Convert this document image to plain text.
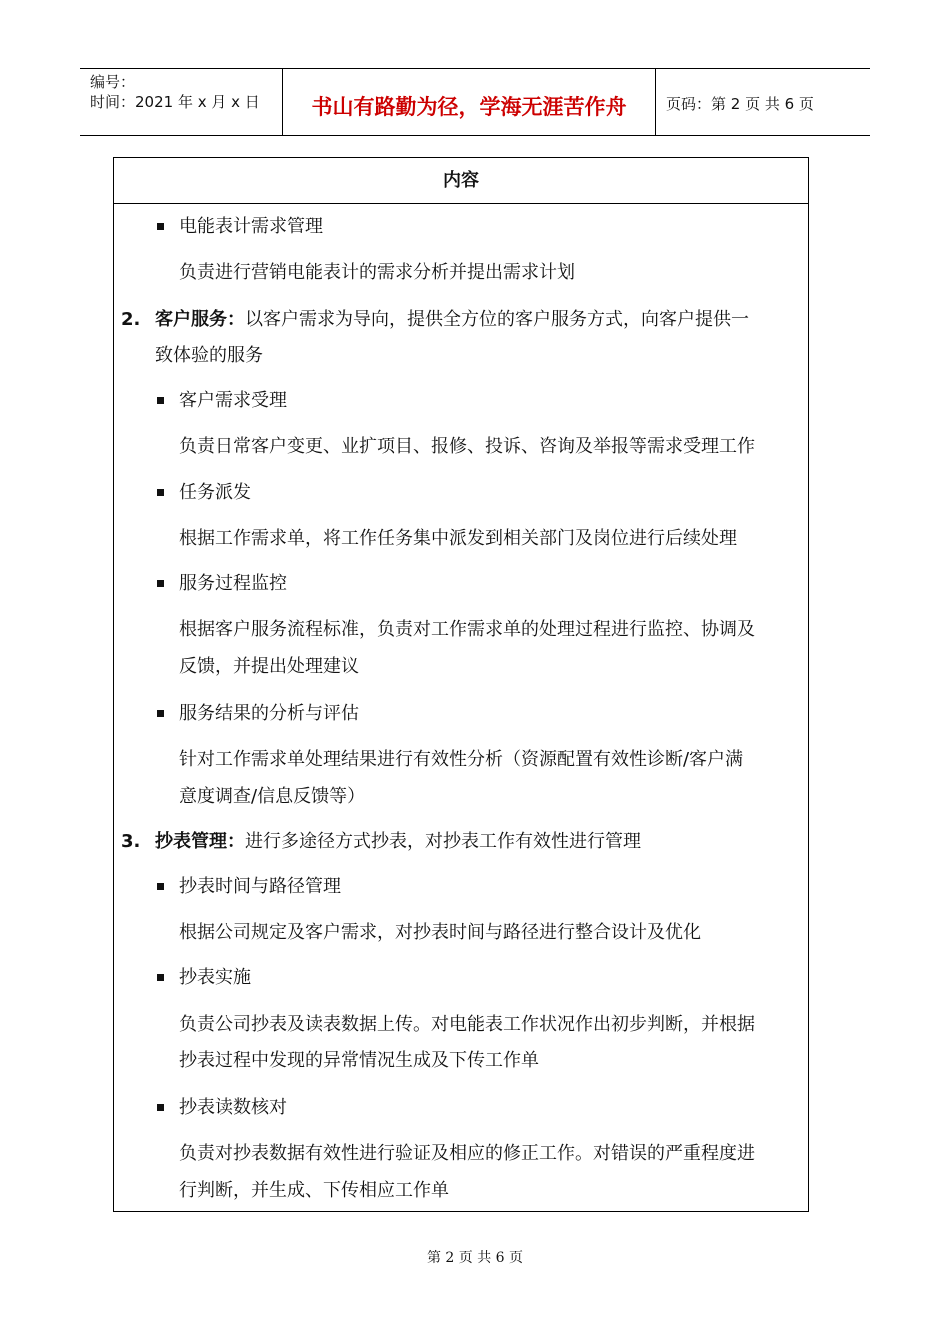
编号：
时间：2021 年 x 月 x 日	书山有路勤为径，学海无涯苦作舟	页码：第 2 页 共 6 页
内容
电能表计需求管理
负责进行营销电能表计的需求分析并提出需求计划
2. 客户服务：以客户需求为导向，提供全方位的客户服务方式，向客户提供一
致体验的服务
客户需求受理
负责日常客户变更、业扩项目、报修、投诉、咨询及举报等需求受理工作
任务派发
根据工作需求单，将工作任务集中派发到相关部门及岗位进行后续处理
服务过程监控
根据客户服务流程标准，负责对工作需求单的处理过程进行监控、协调及
反馈，并提出处理建议
服务结果的分析与评估
针对工作需求单处理结果进行有效性分析（资源配置有效性诊断/客户满
意度调查/信息反馈等）
3. 抄表管理：进行多途径方式抄表，对抄表工作有效性进行管理
抄表时间与路径管理
根据公司规定及客户需求，对抄表时间与路径进行整合设计及优化
抄表实施
负责公司抄表及读表数据上传。对电能表工作状况作出初步判断，并根据
抄表过程中发现的异常情况生成及下传工作单
抄表读数核对
负责对抄表数据有效性进行验证及相应的修正工作。对错误的严重程度进
行判断，并生成、下传相应工作单
第 2 页 共 6 页
